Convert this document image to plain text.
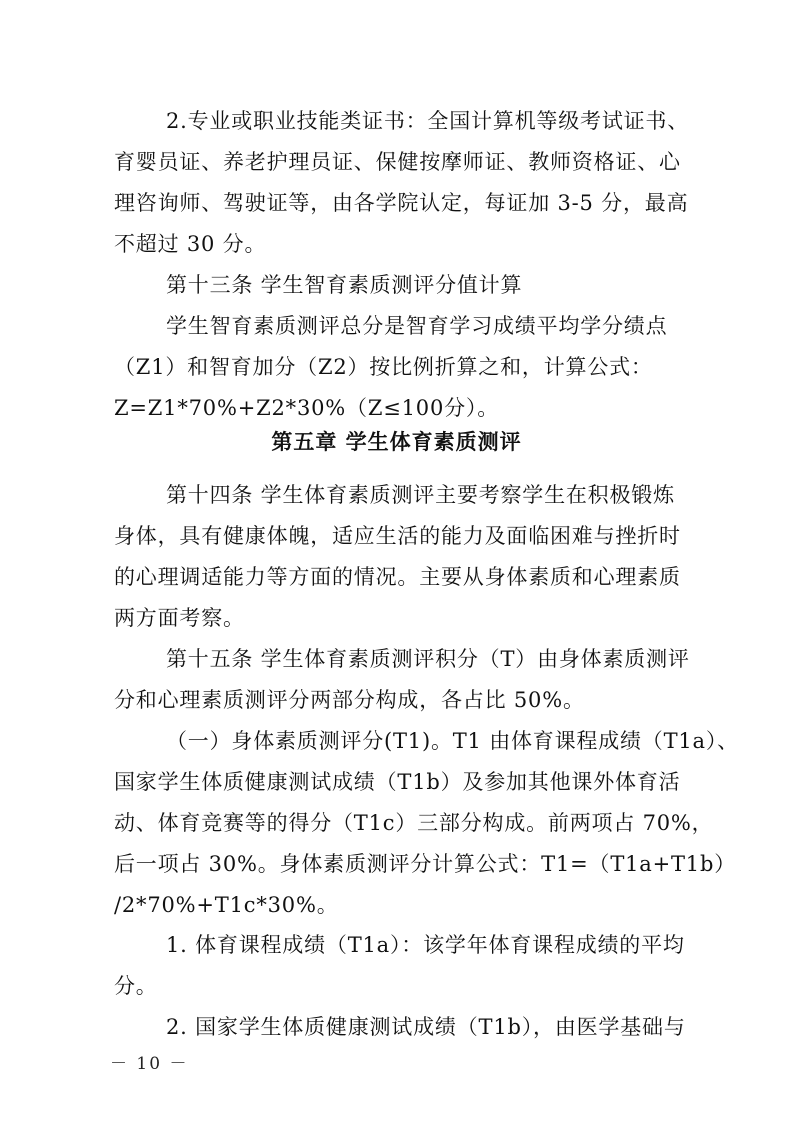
2.专业或职业技能类证书：全国计算机等级考试证书、
育婴员证、养老护理员证、保健按摩师证、教师资格证、心
理咨询师、驾驶证等，由各学院认定，每证加 3-5 分，最高
不超过 30 分。
第十三条 学生智育素质测评分值计算
学生智育素质测评总分是智育学习成绩平均学分绩点
（Z1）和智育加分（Z2）按比例折算之和，计算公式：
Z=Z1*70%+Z2*30%（Z≤100分）。
第五章 学生体育素质测评
第十四条 学生体育素质测评主要考察学生在积极锻炼
身体，具有健康体魄，适应生活的能力及面临困难与挫折时
的心理调适能力等方面的情况。主要从身体素质和心理素质
两方面考察。
第十五条 学生体育素质测评积分（T）由身体素质测评
分和心理素质测评分两部分构成，各占比 50%。
（一）身体素质测评分(T1)。T1 由体育课程成绩（T1a）、
国家学生体质健康测试成绩（T1b）及参加其他课外体育活
动、体育竞赛等的得分（T1c）三部分构成。前两项占 70%，
后一项占 30%。身体素质测评分计算公式：T1=（T1a+T1b）
/2*70%+T1c*30%。
1. 体育课程成绩（T1a）：该学年体育课程成绩的平均
分。
2. 国家学生体质健康测试成绩（T1b），由医学基础与
－ 10 －
